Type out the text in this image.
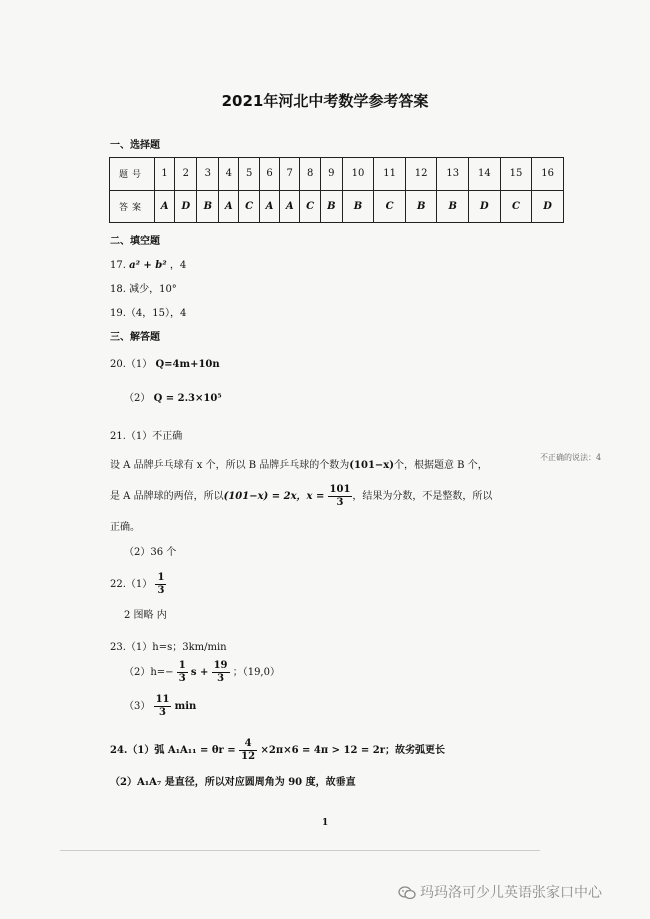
2021年河北中考数学参考答案
一、选择题
题号	1	2	3	4	5	6	7	8	9	10	11	12	13	14	15	16
答案	A	D	B	A	C	A	A	C	B	B	C	B	B	D	C	D
二、填空题
17. a² + b² ，4
18. 减少，10°
19.（4，15），4
三、解答题
20.（1） Q=4m+10n
（2） Q = 2.3×10⁵
21.（1）不正确
设 A 品牌乒乓球有 x 个，所以 B 品牌乒乓球的个数为(101−x)个，根据题意 B 个，
不正确的说法：4
是 A 品牌球的两倍，所以(101−x) = 2x，$x = \frac{101}{3}$ ，结果为分数，不是整数，所以
正确。
（2）36 个
$22.(1) \frac{1}{3}$
2 图略 内
23.（1）h=s；3km/min
$(2)h=- \frac{1}{3}$ $s + \frac{19}{3}$ ；（19,0）
$(3) \frac{11}{3}$ min
24.（1）弧 $A_1A_{11} = \theta r = \frac{4}{12} \times 2\pi\times 6 = 4\pi > 12 = 2r$；故劣弧更长
（2）A₁A₇ 是直径，所以对应圆周角为 90 度，故垂直
1
玛玛洛可少儿英语张家口中心
